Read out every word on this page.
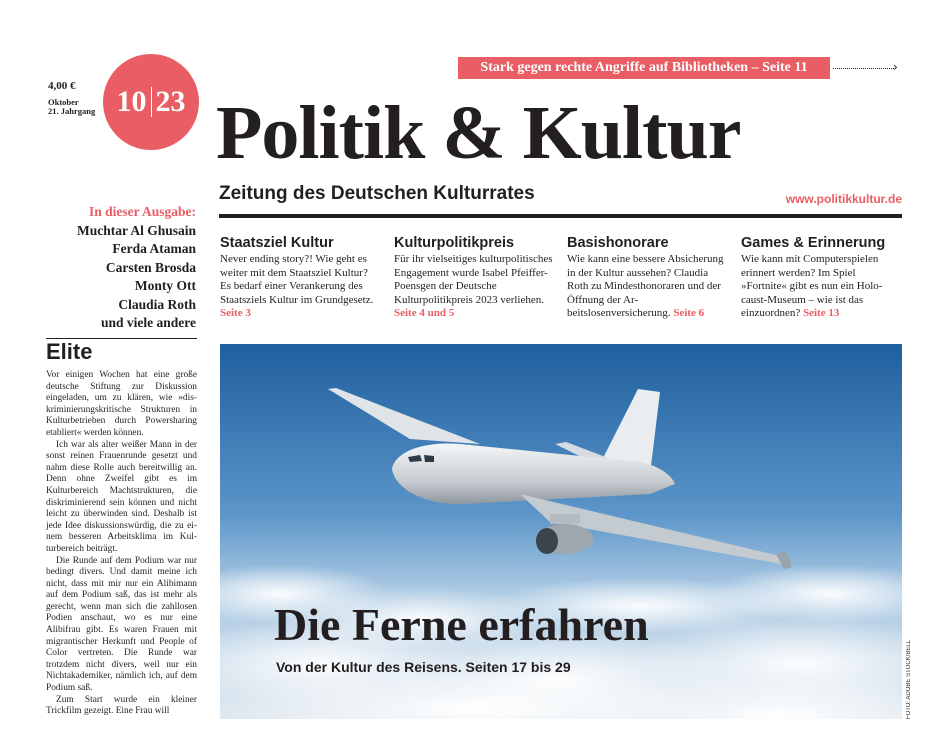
Stark gegen rechte Angriffe auf Bibliotheken – Seite 11	›
4,00 €
Oktober
21. Jahrgang 10 23 Politik & Kultur
Zeitung des Deutschen Kulturrates	www.politikkultur.de
In dieser Ausgabe:
Muchtar Al Ghusain
Ferda Ataman
Carsten Brosda
Monty Ott
Claudia Roth
und viele andere
Staatsziel Kultur

Never ending story?! Wie geht es weiter mit dem Staatsziel Kultur? Es bedarf einer Verankerung des Staatsziels Kultur im Grundgesetz. Seite 3

Kulturpolitikpreis

Für ihr vielseitiges kulturpolitisches Engagement wurde Isabel Pfeiffer-Poensgen der Deutsche Kulturpolitikpreis 2023 verliehen. Seite 4 und 5

Basishonorare

Wie kann eine bessere Absicherung in der Kultur aussehen? Claudia Roth zu Mindesthonoraren und der Öffnung der Arbeitslosenversicherung. Seite 6

Games & Erinnerung

Wie kann mit Computerspielen erinnert werden? Im Spiel »Fortnite« gibt es nun ein Holocaust-Museum – wie ist das einzuordnen? Seite 13

Elite

Vor einigen Wochen hat eine große deutsche Stiftung zur Diskussion eingeladen, um zu klären, wie »diskriminierungskritische Strukturen in Kulturbetrieben durch Powersharing etabliert« werden können.

Ich war als alter weißer Mann in der sonst reinen Frauenrunde gesetzt und nahm diese Rolle auch bereitwillig an. Denn ohne Zweifel gibt es im Kulturbereich Machtstrukturen, die diskriminierend sein können und nicht leicht zu überwinden sind. Deshalb ist jede Idee diskussionswürdig, die zu einem besseren Arbeitsklima im Kulturbereich beiträgt.

Die Runde auf dem Podium war nur bedingt divers. Und damit meine ich nicht, dass mit mir nur ein Alibimann auf dem Podium saß, das ist mehr als gerecht, wenn man sich die zahllosen Podien anschaut, wo es nur eine Alibifrau gibt. Es waren Frauen mit migrantischer Herkunft und People of Color vertreten. Die Runde war trotzdem nicht divers, weil nur ein Nichtakademiker, nämlich ich, auf dem Podium saß.

Zum Start wurde ein kleiner Trickfilm gezeigt. Eine Frau will

Die Ferne erfahren
Von der Kultur des Reisens. Seiten 17 bis 29	FOTO: ADOBE STOCK/BELL
